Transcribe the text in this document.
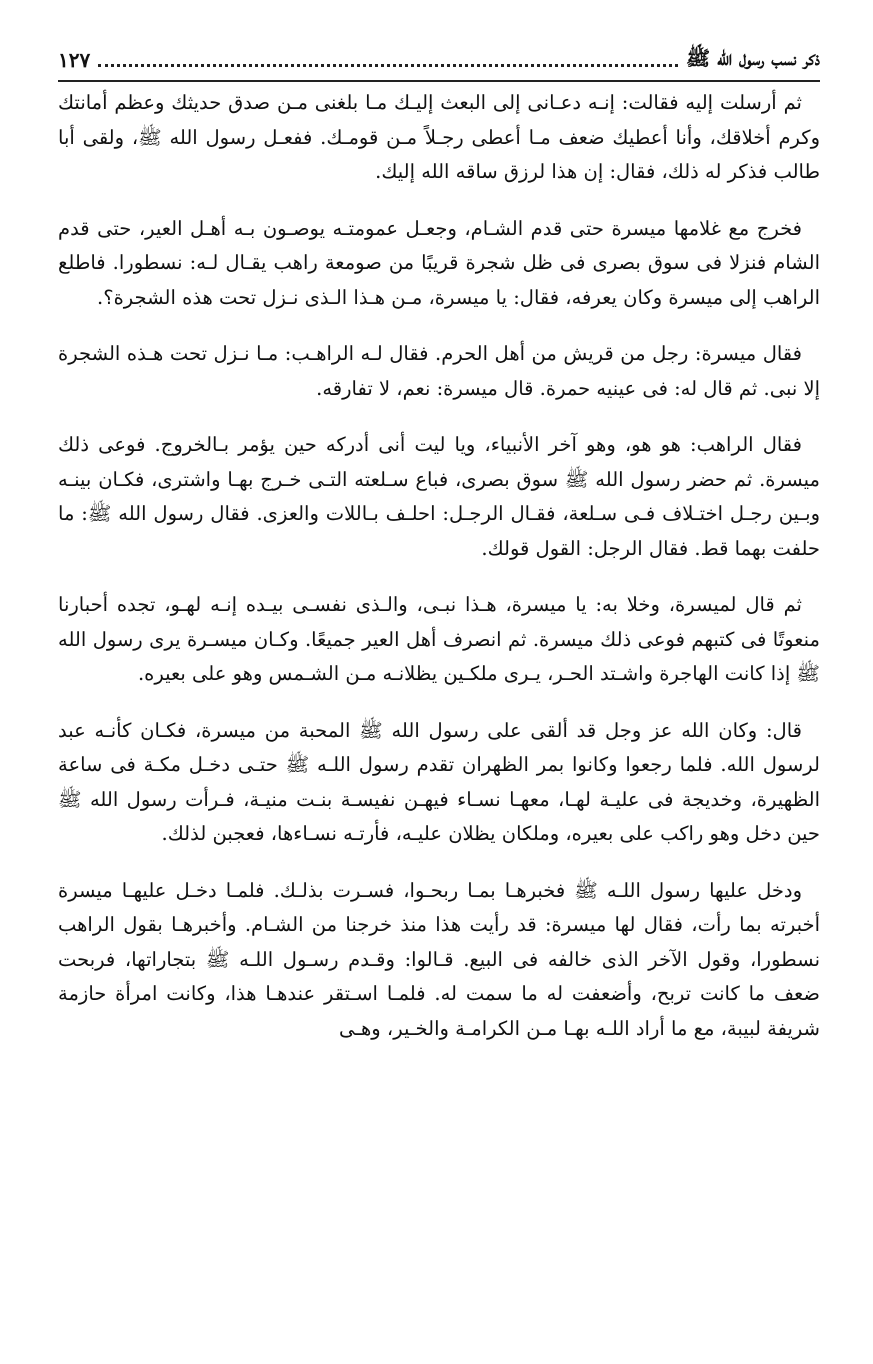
ذكر نسب رسول الله ﷺ
١٢٧

ثم أرسلت إليه فقالت: إنـه دعـانى إلى البعث إليـك مـا بلغنى مـن صدق حديثك وعظم أمانتك وكرم أخلاقك، وأنا أعطيك ضعف مـا أعطى رجـلاً مـن قومـك. ففعـل رسول الله ﷺ، ولقى أبا طالب فذكر له ذلك، فقال: إن هذا لرزق ساقه الله إليك.

فخرج مع غلامها ميسرة حتى قدم الشـام، وجعـل عمومتـه يوصـون بـه أهـل العير، حتى قدم الشام فنزلا فى سوق بصرى فى ظل شجرة قريبًا من صومعة راهب يقـال لـه: نسطورا. فاطلع الراهب إلى ميسرة وكان يعرفه، فقال: يا ميسرة، مـن هـذا الـذى نـزل تحت هذه الشجرة؟.

فقال ميسرة: رجل من قريش من أهل الحرم. فقال لـه الراهـب: مـا نـزل تحت هـذه الشجرة إلا نبى. ثم قال له: فى عينيه حمرة. قال ميسرة: نعم، لا تفارقه.

فقال الراهب: هو هو، وهو آخر الأنبياء، ويا ليت أنى أدركه حين يؤمر بـالخروج. فوعى ذلك ميسرة. ثم حضر رسول الله ﷺ سوق بصرى، فباع سـلعته التـى خـرج بهـا واشترى، فكـان بينـه وبـين رجـل اختـلاف فـى سـلعة، فقـال الرجـل: احلـف بـاللات والعزى. فقال رسول الله ﷺ: ما حلفت بهما قط. فقال الرجل: القول قولك.

ثم قال لميسرة، وخلا به: يا ميسرة، هـذا نبـى، والـذى نفسـى بيـده إنـه لهـو، تجده أحبارنا منعوتًا فى كتبهم فوعى ذلك ميسرة. ثم انصرف أهل العير جميعًا. وكـان ميسـرة يرى رسول الله ﷺ إذا كانت الهاجرة واشـتد الحـر، يـرى ملكـين يظلانـه مـن الشـمس وهو على بعيره.

قال: وكان الله عز وجل قد ألقى على رسول الله ﷺ المحبة من ميسرة، فكـان كأنـه عبد لرسول الله. فلما رجعوا وكانوا بمر الظهران تقدم رسول اللـه ﷺ حتـى دخـل مكـة فى ساعة الظهيرة، وخديجة فى عليـة لهـا، معهـا نسـاء فيهـن نفيسـة بنـت منيـة، فـرأت رسول الله ﷺ حين دخل وهو راكب على بعيره، وملكان يظلان عليـه، فأرتـه نسـاءها، فعجبن لذلك.

ودخل عليها رسول اللـه ﷺ فخبرهـا بمـا ربحـوا، فسـرت بذلـك. فلمـا دخـل عليهـا ميسرة أخبرته بما رأت، فقال لها ميسرة: قد رأيت هذا منذ خرجنا من الشـام. وأخبرهـا بقول الراهب نسطورا، وقول الآخر الذى خالفه فى البيع. قـالوا: وقـدم رسـول اللـه ﷺ بتجاراتها، فربحت ضعف ما كانت تربح، وأضعفت له ما سمت له. فلمـا اسـتقر عندهـا هذا، وكانت امرأة حازمة شريفة لبيبة، مع ما أراد اللـه بهـا مـن الكرامـة والخـير، وهـى
